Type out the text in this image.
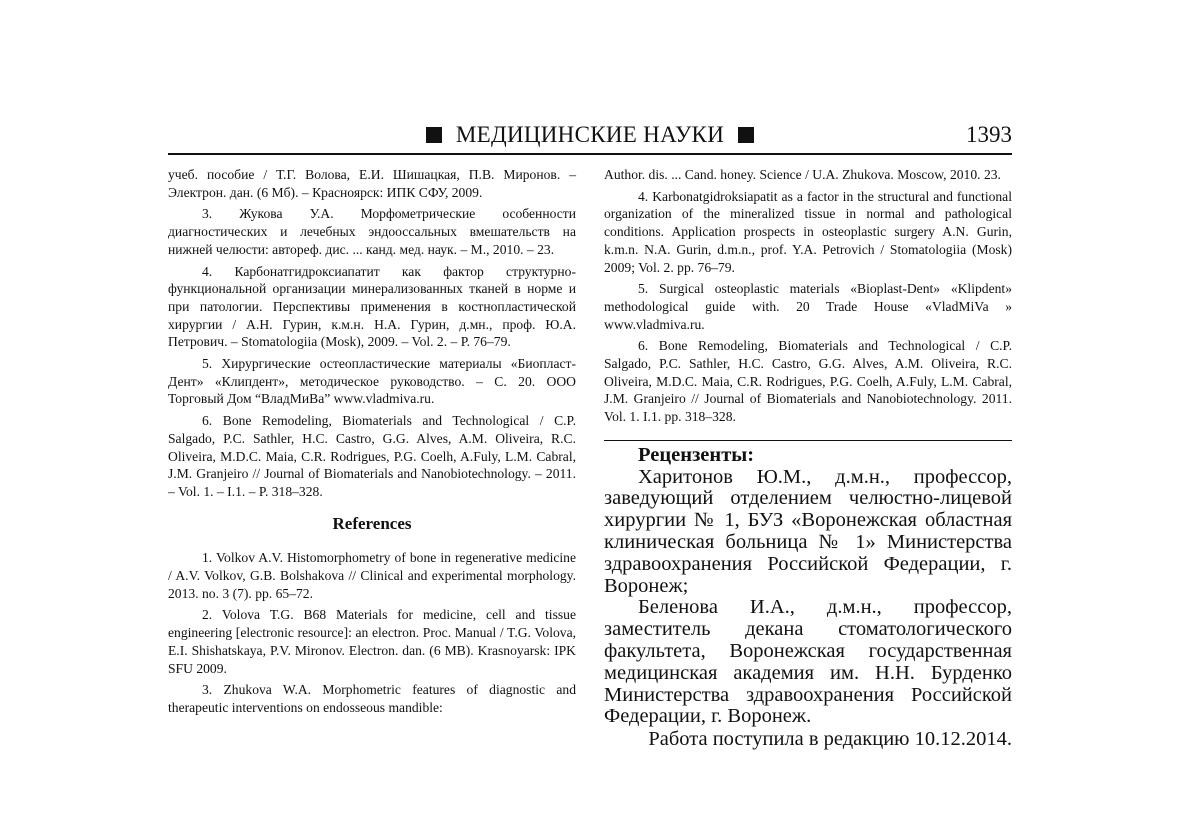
МЕДИЦИНСКИЕ НАУКИ	1393

учеб. пособие / Т.Г. Волова, Е.И. Шишацкая, П.В. Миронов. – Электрон. дан. (6 Мб). – Красноярск: ИПК СФУ, 2009.

3. Жукова У.А. Морфометрические особенности диагностических и лечебных эндооссальных вмешательств на нижней челюсти: автореф. дис. ... канд. мед. наук. – М., 2010. – 23.

4. Карбонатгидроксиапатит как фактор структурно-функциональной организации минерализованных тканей в норме и при патологии. Перспективы применения в костнопластической хирургии / А.Н. Гурин, к.м.н. Н.А. Гурин, д.мн., проф. Ю.А. Петрович. – Stomatologiia (Mosk), 2009. – Vol. 2. – Р. 76–79.

5. Хирургические остеопластические материалы «Биопласт-Дент» «Клипдент», методическое руководство. – С. 20. ООО Торговый Дом “ВладМиВа” www.vladmiva.ru.

6. Bone Remodeling, Biomaterials and Technological / C.P. Salgado, P.C. Sathler, H.C. Castro, G.G. Alves, A.M. Oliveira, R.C. Oliveira, M.D.C. Maia, C.R. Rodrigues, P.G. Coelh, A.Fuly, L.M. Cabral, J.M. Granjeiro // Journal of Biomaterials and Nanobiotechnology. – 2011. – Vol. 1. – I.1. – P. 318–328.

References

1. Volkov A.V. Histomorphometry of bone in regenerative medicine / A.V. Volkov, G.B. Bolshakova // Clinical and experimental morphology. 2013. no. 3 (7). pp. 65–72.

2. Volova T.G. B68 Materials for medicine, cell and tissue engineering [electronic resource]: an electron. Proc. Manual / T.G. Volova, E.I. Shishatskaya, P.V. Mironov. Electron. dan. (6 MB). Krasnoyarsk: IPK SFU 2009.

3. Zhukova W.A. Morphometric features of diagnostic and therapeutic interventions on endosseous mandible:

Author. dis. ... Cand. honey. Science / U.A. Zhukova. Moscow, 2010. 23.

4. Karbonatgidroksiapatit as a factor in the structural and functional organization of the mineralized tissue in normal and pathological conditions. Application prospects in osteoplastic surgery A.N. Gurin, k.m.n. N.A. Gurin, d.m.n., prof. Y.A. Petrovich / Stomatologiia (Mosk) 2009; Vol. 2. pp. 76–79.

5. Surgical osteoplastic materials «Bioplast-Dent» «Klipdent» methodological guide with. 20 Trade House «VladMiVa » www.vladmiva.ru.

6. Bone Remodeling, Biomaterials and Technological / C.P. Salgado, P.C. Sathler, H.C. Castro, G.G. Alves, A.M. Oliveira, R.C. Oliveira, M.D.C. Maia, C.R. Rodrigues, P.G. Coelh, A.Fuly, L.M. Cabral, J.M. Granjeiro // Journal of Biomaterials and Nanobiotechnology. 2011. Vol. 1. I.1. pp. 318–328.

Рецензенты:

Харитонов Ю.М., д.м.н., профессор, заведующий отделением челюстно-лицевой хирургии № 1, БУЗ «Воронежская областная клиническая больница № 1» Министерства здравоохранения Российской Федерации, г. Воронеж;

Беленова И.А., д.м.н., профессор, заместитель декана стоматологического факультета, Воронежская государственная медицинская академия им. Н.Н. Бурденко Министерства здравоохранения Российской Федерации, г. Воронеж.

Работа поступила в редакцию 10.12.2014.
